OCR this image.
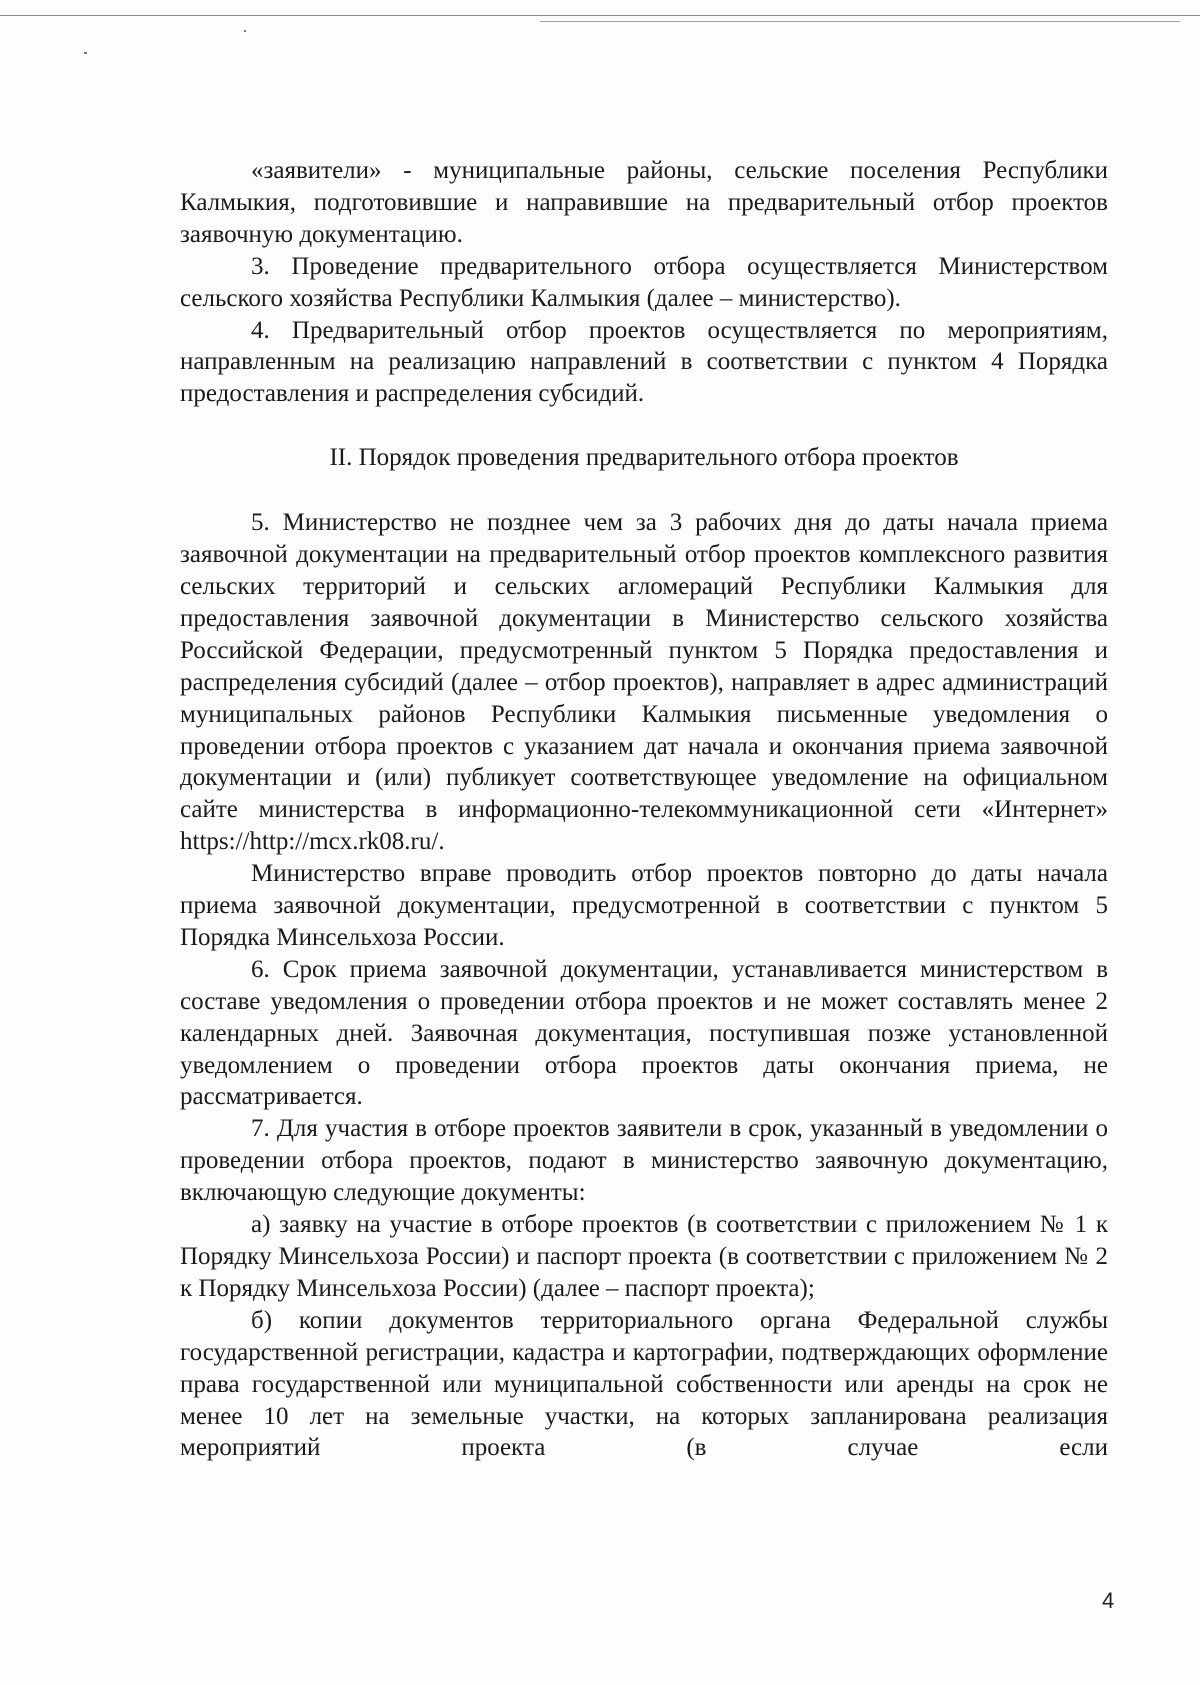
«заявители» - муниципальные районы, сельские поселения Республики Калмыкия, подготовившие и направившие на предварительный отбор проектов заявочную документацию.

3. Проведение предварительного отбора осуществляется Министерством сельского хозяйства Республики Калмыкия (далее – министерство).

4. Предварительный отбор проектов осуществляется по мероприятиям, направленным на реализацию направлений в соответствии с пунктом 4 Порядка предоставления и распределения субсидий.

II. Порядок проведения предварительного отбора проектов

5. Министерство не позднее чем за 3 рабочих дня до даты начала приема заявочной документации на предварительный отбор проектов комплексного развития сельских территорий и сельских агломераций Республики Калмыкия для предоставления заявочной документации в Министерство сельского хозяйства Российской Федерации, предусмотренный пунктом 5 Порядка предоставления и распределения субсидий (далее – отбор проектов), направляет в адрес администраций муниципальных районов Республики Калмыкия письменные уведомления о проведении отбора проектов с указанием дат начала и окончания приема заявочной документации и (или) публикует соответствующее уведомление на официальном сайте министерства в информационно-телекоммуникационной сети «Интернет» https://http://mcx.rk08.ru/.

Министерство вправе проводить отбор проектов повторно до даты начала приема заявочной документации, предусмотренной в соответствии с пунктом 5 Порядка Минсельхоза России.

6. Срок приема заявочной документации, устанавливается министерством в составе уведомления о проведении отбора проектов и не может составлять менее 2 календарных дней. Заявочная документация, поступившая позже установленной уведомлением о проведении отбора проектов даты окончания приема, не рассматривается.

7. Для участия в отборе проектов заявители в срок, указанный в уведомлении о проведении отбора проектов, подают в министерство заявочную документацию, включающую следующие документы:

а) заявку на участие в отборе проектов (в соответствии с приложением № 1 к Порядку Минсельхоза России) и паспорт проекта (в соответствии с приложением № 2 к Порядку Минсельхоза России) (далее – паспорт проекта);

б) копии документов территориального органа Федеральной службы государственной регистрации, кадастра и картографии, подтверждающих оформление права государственной или муниципальной собственности или аренды на срок не менее 10 лет на земельные участки, на которых запланирована реализация мероприятий проекта (в случае если

4
